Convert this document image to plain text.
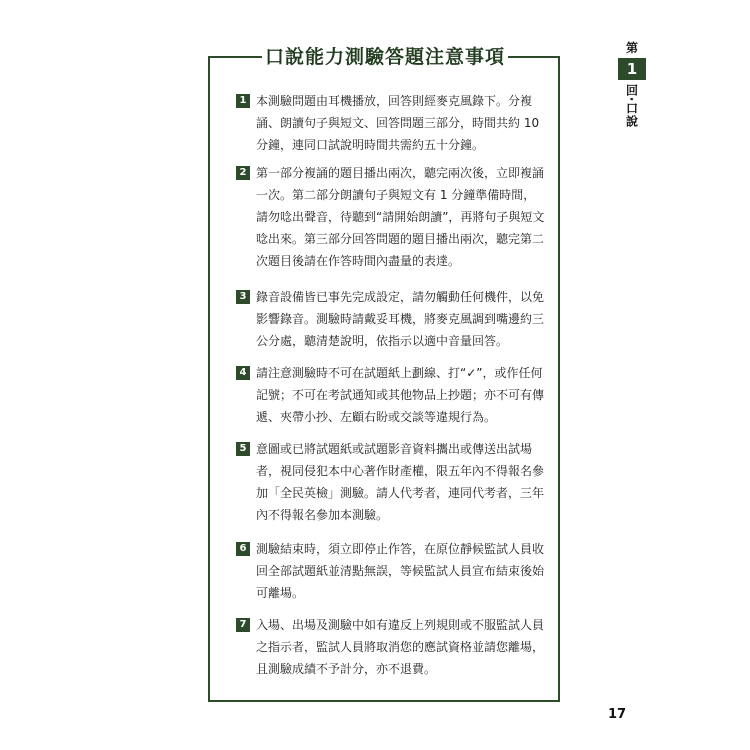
口說能力測驗答題注意事項
1 本測驗問題由耳機播放，回答則經麥克風錄下。分複誦、朗讀句子與短文、回答問題三部分，時間共約 10 分鐘，連同口試說明時間共需約五十分鐘。
2 第一部分複誦的題目播出兩次，聽完兩次後，立即複誦一次。第二部分朗讀句子與短文有 1 分鐘準備時間，請勿唸出聲音，待聽到“請開始朗讀”，再將句子與短文唸出來。第三部分回答問題的題目播出兩次，聽完第二次題目後請在作答時間內盡量的表達。
3 錄音設備皆已事先完成設定，請勿觸動任何機件，以免影響錄音。測驗時請戴妥耳機，將麥克風調到嘴邊約三公分處，聽清楚說明，依指示以適中音量回答。
4 請注意測驗時不可在試題紙上劃線、打“✓”，或作任何記號；不可在考試通知或其他物品上抄題；亦不可有傳遞、夾帶小抄、左顧右盼或交談等違規行為。
5 意圖或已將試題紙或試題影音資料攜出或傳送出試場者，視同侵犯本中心著作財產權，限五年內不得報名參加「全民英檢」測驗。請人代考者，連同代考者，三年內不得報名參加本測驗。
6 測驗結束時，須立即停止作答，在原位靜候監試人員收回全部試題紙並清點無誤，等候監試人員宣布結束後始可離場。
7 入場、出場及測驗中如有違反上列規則或不服監試人員之指示者，監試人員將取消您的應試資格並請您離場，且測驗成績不予計分，亦不退費。
第
1
回‧口說
17
